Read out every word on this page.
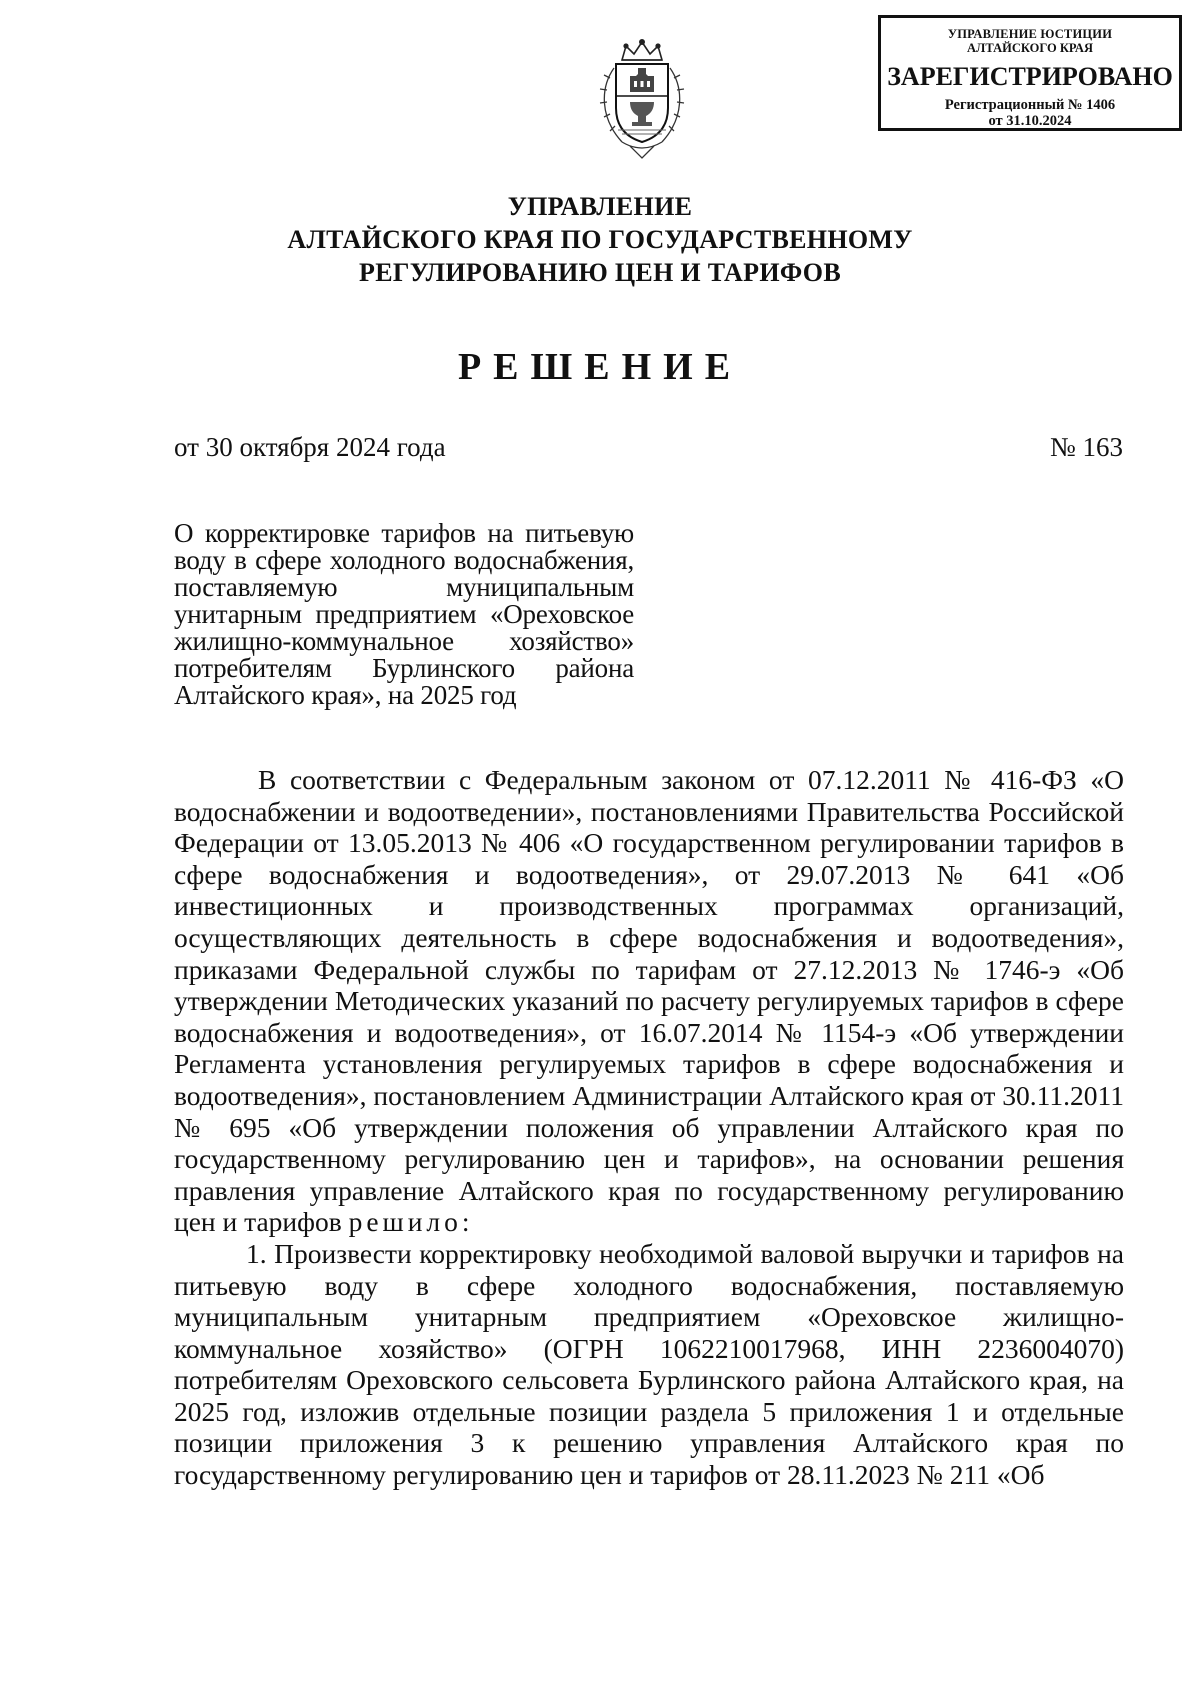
УПРАВЛЕНИЕ ЮСТИЦИИ
АЛТАЙСКОГО КРАЯ
ЗАРЕГИСТРИРОВАНО
Регистрационный № 1406
от 31.10.2024
УПРАВЛЕНИЕ
АЛТАЙСКОГО КРАЯ ПО ГОСУДАРСТВЕННОМУ
РЕГУЛИРОВАНИЮ ЦЕН И ТАРИФОВ
РЕШЕНИЕ
от 30 октября 2024 года	№ 163
О корректировке тарифов на питьевую воду в сфере холодного водоснабжения, поставляемую муниципальным унитарным предприятием «Ореховское жилищно-коммунальное хозяйство» потребителям Бурлинского района Алтайского края», на 2025 год

В соответствии с Федеральным законом от 07.12.2011 № 416-ФЗ «О водоснабжении и водоотведении», постановлениями Правительства Российской Федерации от 13.05.2013 № 406 «О государственном регулировании тарифов в сфере водоснабжения и водоотведения», от 29.07.2013 № 641 «Об инвестиционных и производственных программах организаций, осуществляющих деятельность в сфере водоснабжения и водоотведения», приказами Федеральной службы по тарифам от 27.12.2013 № 1746-э «Об утверждении Методических указаний по расчету регулируемых тарифов в сфере водоснабжения и водоотведения», от 16.07.2014 № 1154-э «Об утверждении Регламента установления регулируемых тарифов в сфере водоснабжения и водоотведения», постановлением Администрации Алтайского края от 30.11.2011 № 695 «Об утверждении положения об управлении Алтайского края по государственному регулированию цен и тарифов», на основании решения правления управление Алтайского края по государственному регулированию цен и тарифов решило:

1. Произвести корректировку необходимой валовой выручки и тарифов на питьевую воду в сфере холодного водоснабжения, поставляемую муниципальным унитарным предприятием «Ореховское жилищно-коммунальное хозяйство» (ОГРН 1062210017968, ИНН 2236004070) потребителям Ореховского сельсовета Бурлинского района Алтайского края, на 2025 год, изложив отдельные позиции раздела 5 приложения 1 и отдельные позиции приложения 3 к решению управления Алтайского края по государственному регулированию цен и тарифов от 28.11.2023 № 211 «Об
